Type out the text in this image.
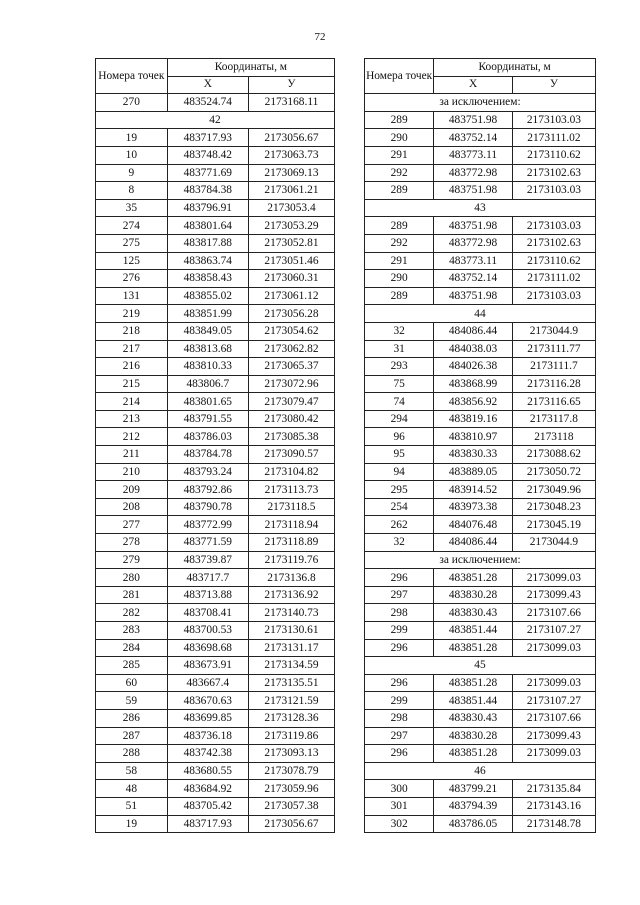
72
Номера точек	Координаты, м	
	X	У
270	483524.74	2173168.11
42		
19	483717.93	2173056.67
10	483748.42	2173063.73
9	483771.69	2173069.13
8	483784.38	2173061.21
35	483796.91	2173053.4
274	483801.64	2173053.29
275	483817.88	2173052.81
125	483863.74	2173051.46
276	483858.43	2173060.31
131	483855.02	2173061.12
219	483851.99	2173056.28
218	483849.05	2173054.62
217	483813.68	2173062.82
216	483810.33	2173065.37
215	483806.7	2173072.96
214	483801.65	2173079.47
213	483791.55	2173080.42
212	483786.03	2173085.38
211	483784.78	2173090.57
210	483793.24	2173104.82
209	483792.86	2173113.73
208	483790.78	2173118.5
277	483772.99	2173118.94
278	483771.59	2173118.89
279	483739.87	2173119.76
280	483717.7	2173136.8
281	483713.88	2173136.92
282	483708.41	2173140.73
283	483700.53	2173130.61
284	483698.68	2173131.17
285	483673.91	2173134.59
60	483667.4	2173135.51
59	483670.63	2173121.59
286	483699.85	2173128.36
287	483736.18	2173119.86
288	483742.38	2173093.13
58	483680.55	2173078.79
48	483684.92	2173059.96
51	483705.42	2173057.38
19	483717.93	2173056.67
Номера точек	Координаты, м	
	X	У
за исключением:		
289	483751.98	2173103.03
290	483752.14	2173111.02
291	483773.11	2173110.62
292	483772.98	2173102.63
289	483751.98	2173103.03
43		
289	483751.98	2173103.03
292	483772.98	2173102.63
291	483773.11	2173110.62
290	483752.14	2173111.02
289	483751.98	2173103.03
44		
32	484086.44	2173044.9
31	484038.03	2173111.77
293	484026.38	2173111.7
75	483868.99	2173116.28
74	483856.92	2173116.65
294	483819.16	2173117.8
96	483810.97	2173118
95	483830.33	2173088.62
94	483889.05	2173050.72
295	483914.52	2173049.96
254	483973.38	2173048.23
262	484076.48	2173045.19
32	484086.44	2173044.9
за исключением:		
296	483851.28	2173099.03
297	483830.28	2173099.43
298	483830.43	2173107.66
299	483851.44	2173107.27
296	483851.28	2173099.03
45		
296	483851.28	2173099.03
299	483851.44	2173107.27
298	483830.43	2173107.66
297	483830.28	2173099.43
296	483851.28	2173099.03
46		
300	483799.21	2173135.84
301	483794.39	2173143.16
302	483786.05	2173148.78
